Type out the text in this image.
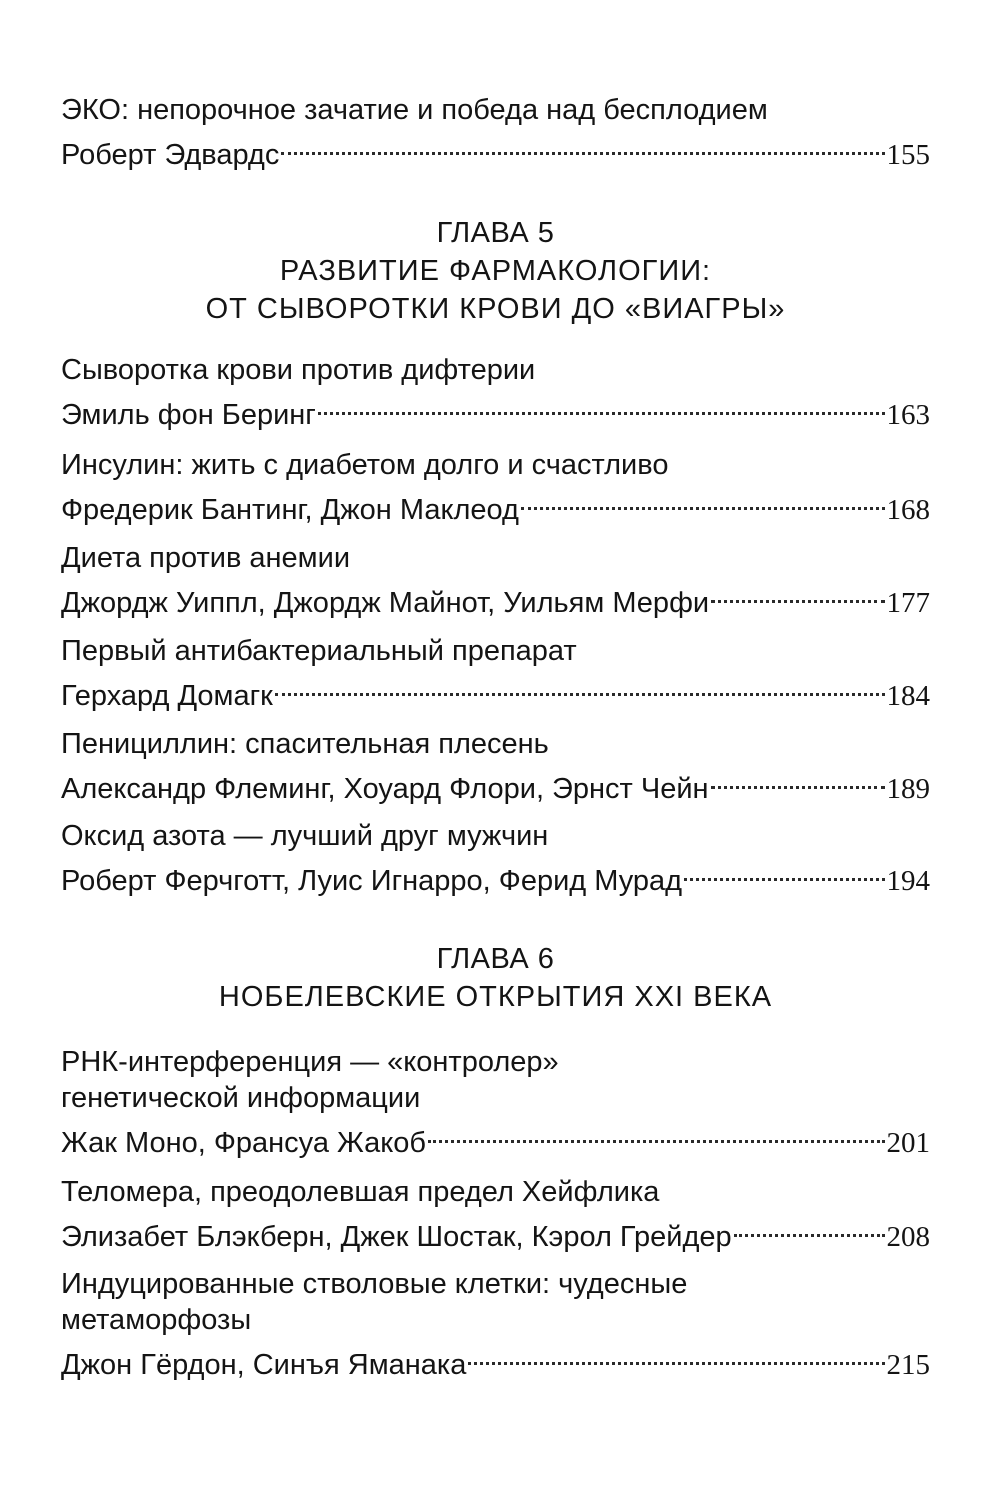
ЭКО: непорочное зачатие и победа над бесплодием

Роберт Эдвардс	155
ГЛАВА 5
РАЗВИТИЕ ФАРМАКОЛОГИИ:
ОТ СЫВОРОТКИ КРОВИ ДО «ВИАГРЫ»

Сыворотка крови против дифтерии

Эмиль фон Беринг	163

Инсулин: жить с диабетом долго и счастливо

Фредерик Бантинг, Джон Маклеод	168

Диета против анемии

Джордж Уиппл, Джордж Майнот, Уильям Мерфи	177

Первый антибактериальный препарат

Герхард Домагк	184

Пенициллин: спасительная плесень

Александр Флеминг, Хоуард Флори, Эрнст Чейн	189

Оксид азота — лучший друг мужчин

Роберт Ферчготт, Луис Игнарро, Ферид Мурад	194
ГЛАВА 6
НОБЕЛЕВСКИЕ ОТКРЫТИЯ XXI ВЕКА

РНК-интерференция — «контролер»

генетической информации

Жак Моно, Франсуа Жакоб	201

Теломера, преодолевшая предел Хейфлика

Элизабет Блэкберн, Джек Шостак, Кэрол Грейдер	208

Индуцированные стволовые клетки: чудесные

метаморфозы

Джон Гёрдон, Синъя Яманака	215
